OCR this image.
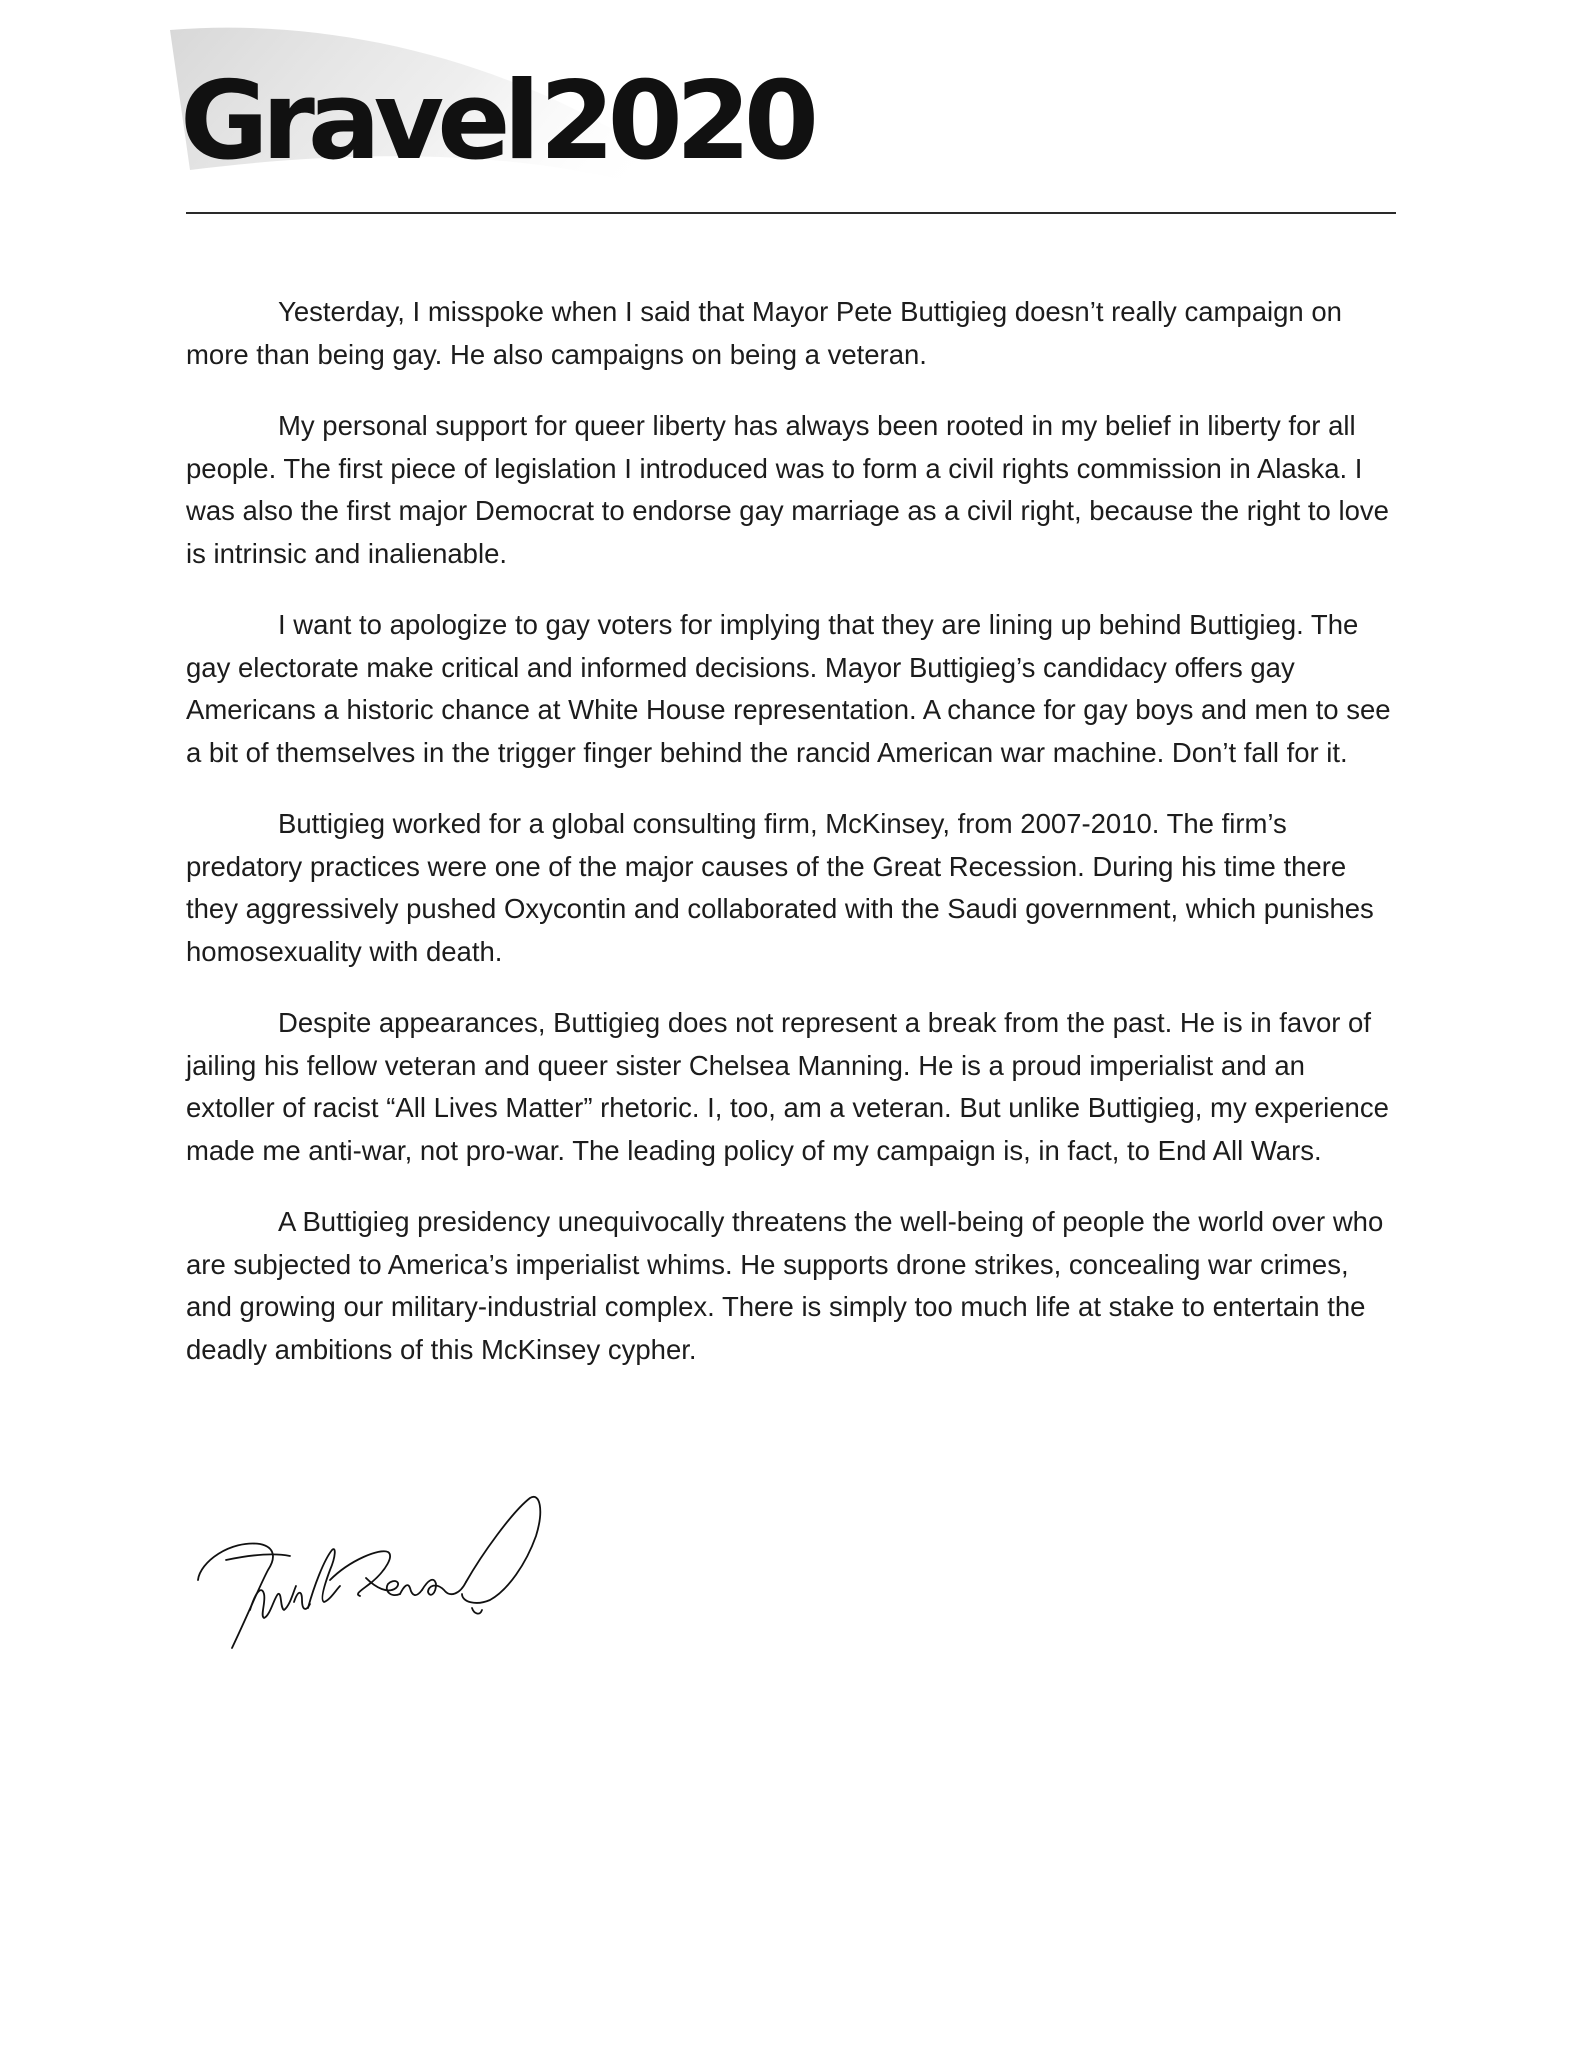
Gravel 2020

Yesterday, I misspoke when I said that Mayor Pete Buttigieg doesn’t really campaign on more than being gay. He also campaigns on being a veteran.

My personal support for queer liberty has always been rooted in my belief in liberty for all people. The first piece of legislation I introduced was to form a civil rights commission in Alaska. I was also the first major Democrat to endorse gay marriage as a civil right, because the right to love is intrinsic and inalienable.

I want to apologize to gay voters for implying that they are lining up behind Buttigieg. The gay electorate make critical and informed decisions. Mayor Buttigieg’s candidacy offers gay Americans a historic chance at White House representation. A chance for gay boys and men to see a bit of themselves in the trigger finger behind the rancid American war machine. Don’t fall for it.

Buttigieg worked for a global consulting firm, McKinsey, from 2007-2010. The firm’s predatory practices were one of the major causes of the Great Recession. During his time there they aggressively pushed Oxycontin and collaborated with the Saudi government, which punishes homosexuality with death.

Despite appearances, Buttigieg does not represent a break from the past. He is in favor of jailing his fellow veteran and queer sister Chelsea Manning. He is a proud imperialist and an extoller of racist “All Lives Matter” rhetoric. I, too, am a veteran. But unlike Buttigieg, my experience made me anti-war, not pro-war. The leading policy of my campaign is, in fact, to End All Wars.

A Buttigieg presidency unequivocally threatens the well-being of people the world over who are subjected to America’s imperialist whims. He supports drone strikes, concealing war crimes, and growing our military-industrial complex. There is simply too much life at stake to entertain the deadly ambitions of this McKinsey cypher.
